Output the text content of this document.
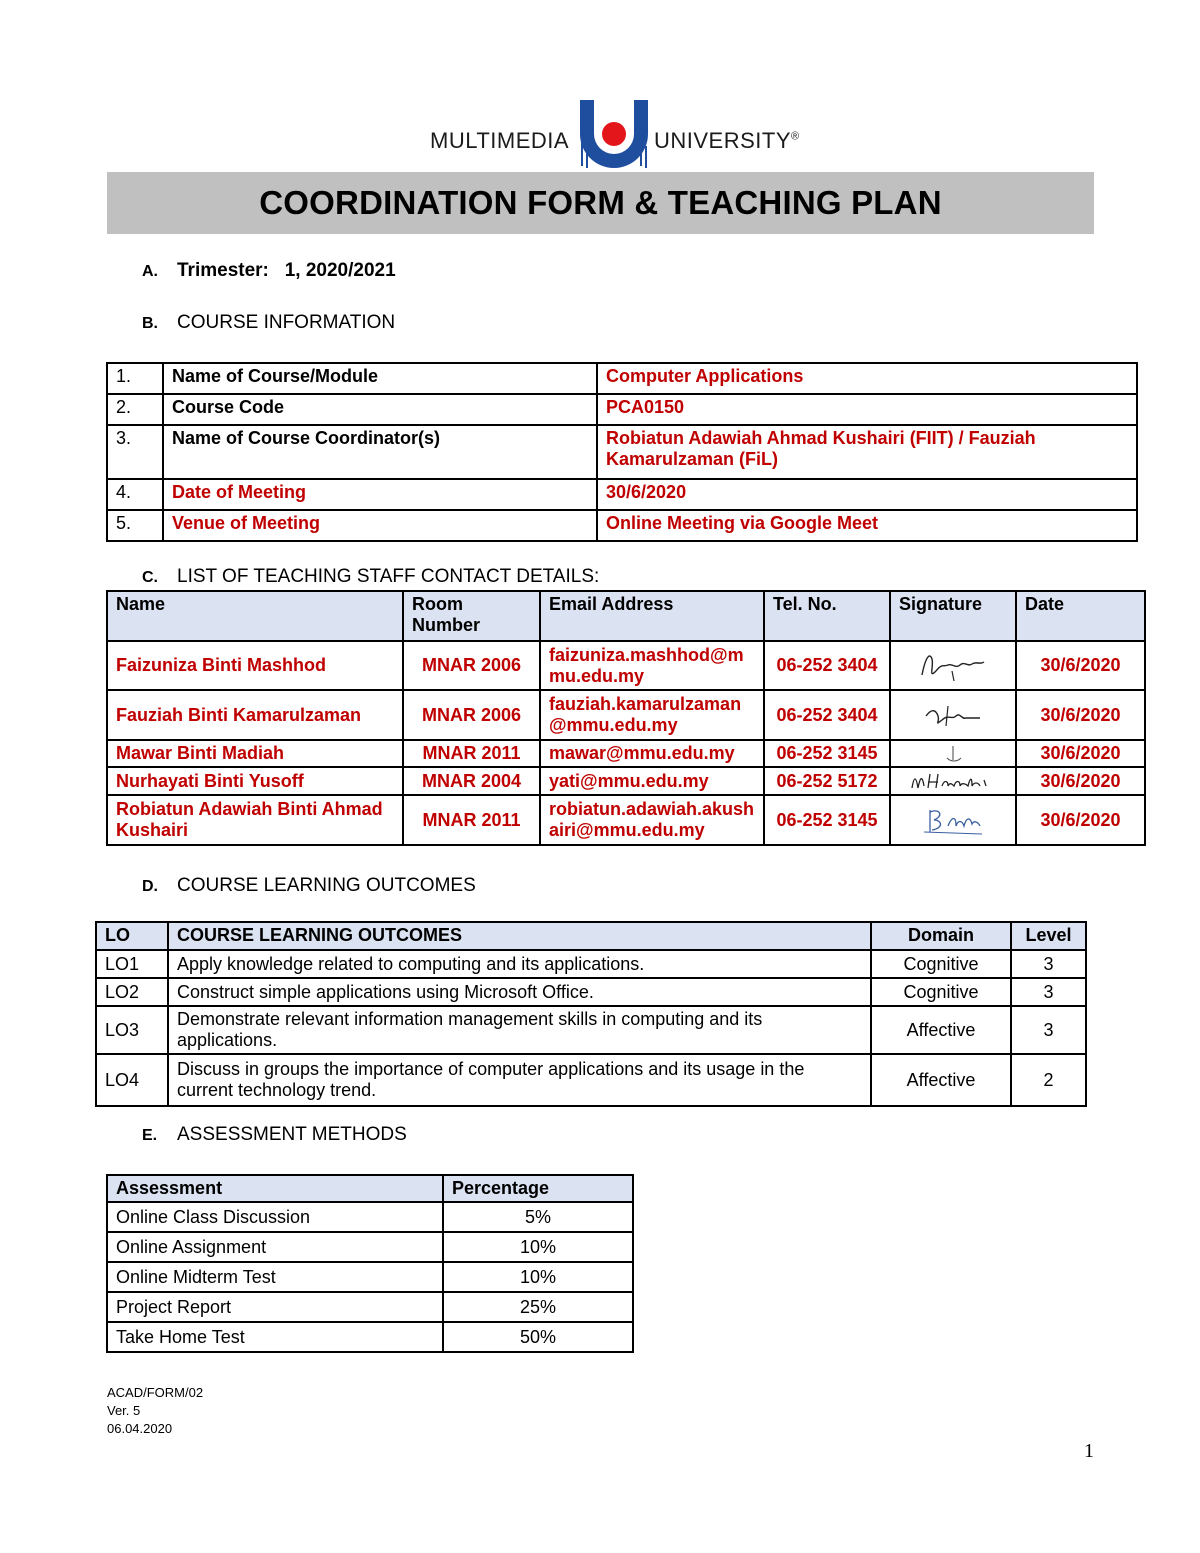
MULTIMEDIA	UNIVERSITY®
COORDINATION FORM & TEACHING PLAN
A. Trimester: 1, 2020/2021
B. COURSE INFORMATION
1.	Name of Course/Module	Computer Applications
2.	Course Code	PCA0150
3.	Name of Course Coordinator(s)	Robiatun Adawiah Ahmad Kushairi (FIIT) / Fauziah Kamarulzaman (FiL)
4.	Date of Meeting	30/6/2020
5.	Venue of Meeting	Online Meeting via Google Meet
C. LIST OF TEACHING STAFF CONTACT DETAILS:
Name	Room Number	Email Address	Tel. No.	Signature	Date
Faizuniza Binti Mashhod	MNAR 2006	faizuniza.mashhod@mmu.edu.my	06-252 3404		30/6/2020
Fauziah Binti Kamarulzaman	MNAR 2006	fauziah.kamarulzaman@mmu.edu.my	06-252 3404		30/6/2020
Mawar Binti Madiah	MNAR 2011	mawar@mmu.edu.my	06-252 3145		30/6/2020
Nurhayati Binti Yusoff	MNAR 2004	yati@mmu.edu.my	06-252 5172		30/6/2020
Robiatun Adawiah Binti Ahmad Kushairi	MNAR 2011	robiatun.adawiah.akushairi@mmu.edu.my	06-252 3145		30/6/2020
D. COURSE LEARNING OUTCOMES
LO	COURSE LEARNING OUTCOMES	Domain	Level
LO1	Apply knowledge related to computing and its applications.	Cognitive	3
LO2	Construct simple applications using Microsoft Office.	Cognitive	3
LO3	Demonstrate relevant information management skills in computing and its applications.	Affective	3
LO4	Discuss in groups the importance of computer applications and its usage in the current technology trend.	Affective	2
E. ASSESSMENT METHODS
Assessment	Percentage
Online Class Discussion	5%
Online Assignment	10%
Online Midterm Test	10%
Project Report	25%
Take Home Test	50%
ACAD/FORM/02
Ver. 5
06.04.2020
1
